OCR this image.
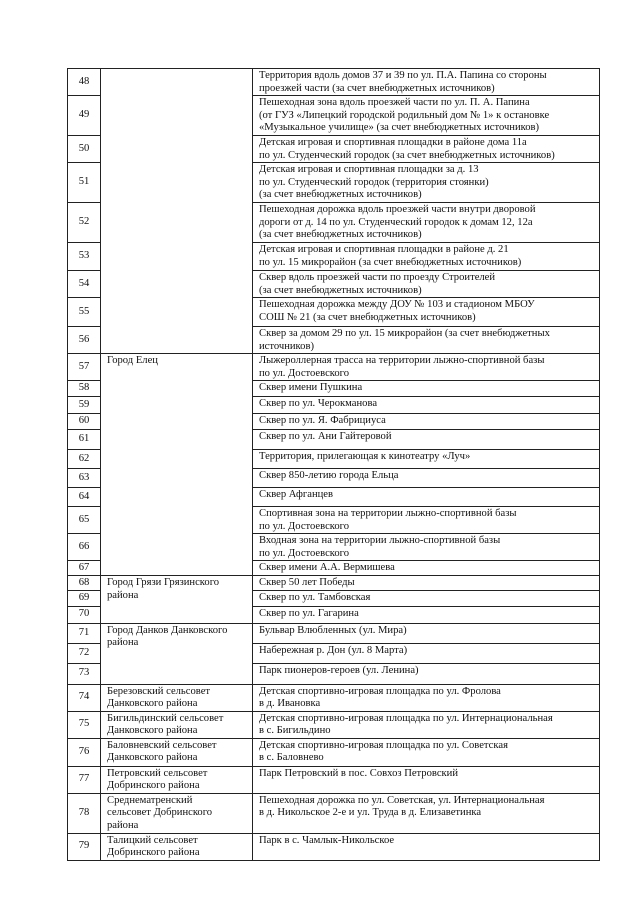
48		Территория вдоль домов 37 и 39 по ул. П.А. Папина со стороны
проезжей части (за счет внебюджетных источников)

49		Пешеходная зона вдоль проезжей части по ул. П. А. Папина
(от ГУЗ «Липецкий городской родильный дом № 1» к остановке
«Музыкальное училище» (за счет внебюджетных источников)

50		Детская игровая и спортивная площадки в районе дома 11а
по ул. Студенческий городок (за счет внебюджетных источников)

51		Детская игровая и спортивная площадки за д. 13
по ул. Студенческий городок (территория стоянки)
(за счет внебюджетных источников)

52		Пешеходная дорожка вдоль проезжей части внутри дворовой
дороги от д. 14 по ул. Студенческий городок к домам 12, 12а
(за счет внебюджетных источников)

53		Детская игровая и спортивная площадки в районе д. 21
по ул. 15 микрорайон (за счет внебюджетных источников)

54		Сквер вдоль проезжей части по проезду Строителей
(за счет внебюджетных источников)

55		Пешеходная дорожка между ДОУ № 103 и стадионом МБОУ
СОШ № 21 (за счет внебюджетных источников)

56		Сквер за домом 29 по ул. 15 микрорайон (за счет внебюджетных
источников)

57	Город Елец	Лыжероллерная трасса на территории лыжно-спортивной базы
по ул. Достоевского

58		Сквер имени Пушкина

59		Сквер по ул. Черокманова

60		Сквер по ул. Я. Фабрициуса

61		Сквер по ул. Ани Гайтеровой

62		Территория, прилегающая к кинотеатру «Луч»

63		Сквер 850-летию города Ельца

64		Сквер Афганцев

65		Спортивная зона на территории лыжно-спортивной базы
по ул. Достоевского

66		Входная зона на территории лыжно-спортивной базы
по ул. Достоевского

67		Сквер имени А.А. Вермишева

68	Город Грязи Грязинского
района	Сквер 50 лет Победы

69		Сквер по ул. Тамбовская

70		Сквер по ул. Гагарина

71	Город Данков Данковского
района	Бульвар Влюбленных (ул. Мира)

72		Набережная р. Дон (ул. 8 Марта)

73		Парк пионеров-героев (ул. Ленина)

74	Березовский сельсовет
Данковского района	Детская спортивно-игровая площадка по ул. Фролова
в д. Ивановка

75	Бигильдинский сельсовет
Данковского района	Детская спортивно-игровая площадка по ул. Интернациональная
в с. Бигильдино

76	Баловневский сельсовет
Данковского района	Детская спортивно-игровая площадка по ул. Советская
в с. Баловнево

77	Петровский сельсовет
Добринского района	Парк Петровский в пос. Совхоз Петровский

78	Среднематренский
сельсовет Добринского
района	Пешеходная дорожка по ул. Советская, ул. Интернациональная
в д. Никольское 2-е и ул. Труда в д. Елизаветинка

79	Талицкий сельсовет
Добринского района	Парк в с. Чамлык-Никольское
